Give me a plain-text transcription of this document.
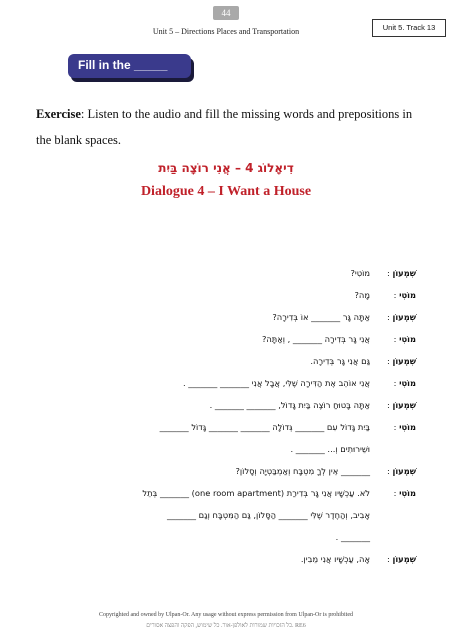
44
Unit 5 – Directions Places and Transportation	Unit 5. Track 13
Fill in the _____
Exercise: Listen to the audio and fill the missing words and prepositions in the blank spaces.
דִיאָלוֹג 4 – אֲנִי רוֹצָה בַּיִת
Dialogue 4 – I Want a House
שִׁמְעוֹן :
מוֹטִי?
מוֹטִי :
מָה?
שִׁמְעוֹן :
אַתָּה גָּר _______ אוֹ בְּדִירָה?
מוֹטִי :
אֲנִי גָּר בְּדִירָה _______ , וְאַתָּה?
שִׁמְעוֹן :
גַּם אֲנִי גָּר בְּדִירָה.
מוֹטִי :
אֲנִי אוֹהֵב אֶת הַדִּירָה שֶׁלִּי, אֲבָל אֲנִי _______ _______ .
שִׁמְעוֹן :
אַתָּה בָּטוּחַ רוֹצֶה בַּיִת גָּדוֹל, _______ _______ .
מוֹטִי :
בַּיִת גָּדוֹל עִם _______ גְּדוֹלָה _______ _______ גָּדוֹל _______
וּשֵׁירוּתִים וְ... _______ .
שִׁמְעוֹן :
_______ אֵין לְךָ מִטְבָּח וְאַמְבַּטְיָה וְסָלוֹן?
מוֹטִי :
לֹא. עַכְשָׁיו אֲנִי גָּר בְּדִירַת (one room apartment) _______ בְּתֵל
אָבִיב, וְהַחֶדֶר שֶׁלִּי _______ הַסָּלוֹן, גַּם הַמִּטְבָּח וְגַם _______
_______ .
שִׁמְעוֹן :
אָה, עַכְשָׁיו אֲנִי מֵבִין.
Copyrighted and owned by Ulpan-Or. Any usage without express permission from Ulpan-Or is prohibited
כל הזכויות שמורות לאולפן-אור. כל שימוש, הפקה והפצה אסורים. RE6
